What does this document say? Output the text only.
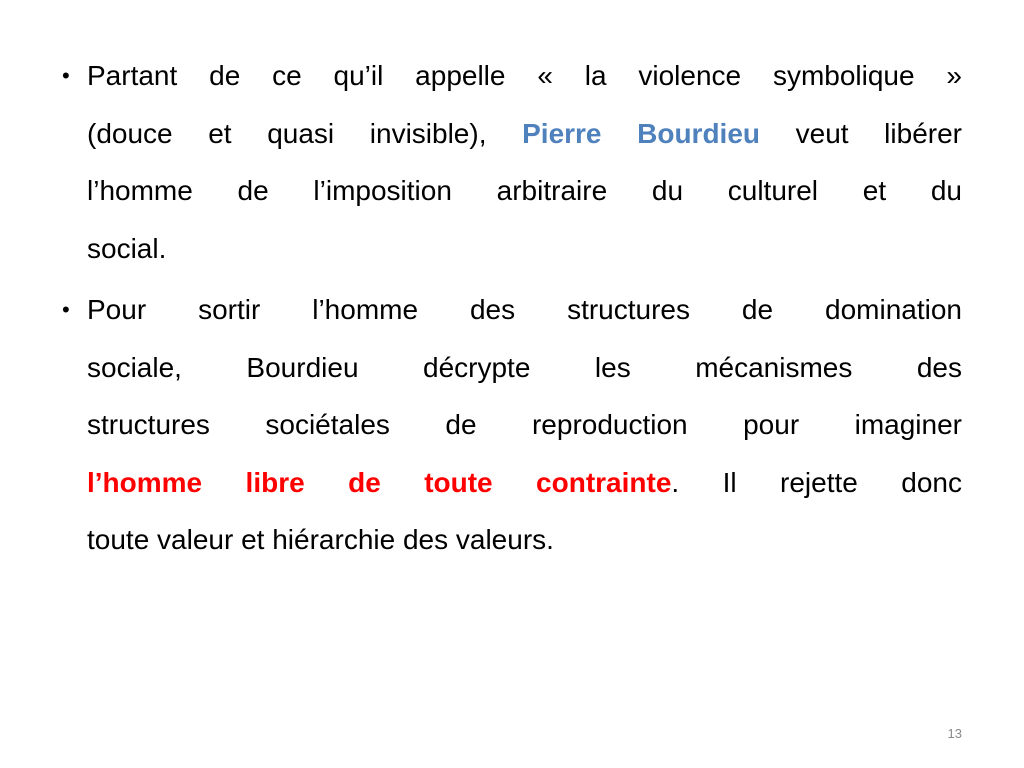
• Partant de ce qu’il appelle « la violence symbolique »
(douce et quasi invisible), Pierre Bourdieu veut libérer
l’homme de l’imposition arbitraire du culturel et du
social.
• Pour sortir l’homme des structures de domination
sociale, Bourdieu décrypte les mécanismes des
structures sociétales de reproduction pour imaginer
l’homme libre de toute contrainte. Il rejette donc
toute valeur et hiérarchie des valeurs.
13
